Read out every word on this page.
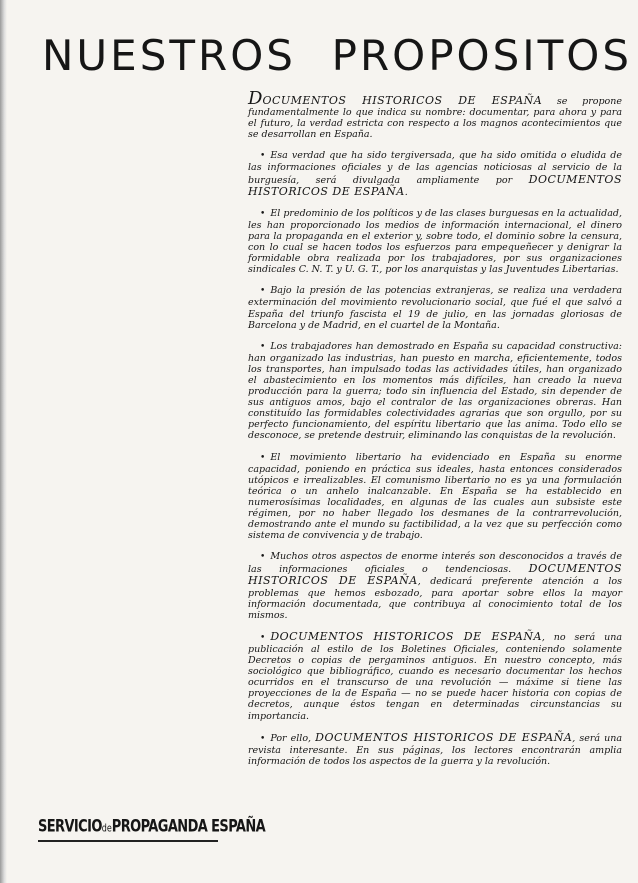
NUESTROS PROPOSITOS

DOCUMENTOS HISTORICOS DE ESPAÑA se propone fundamentalmente lo que indica su nombre: documentar, para ahora y para el futuro, la verdad estricta con respecto a los magnos acontecimientos que se desarrollan en España.

• Esa verdad que ha sido tergiversada, que ha sido omitida o eludida de las informaciones oficiales y de las agencias noticiosas al servicio de la burguesía, será divulgada ampliamente por DOCUMENTOS HISTORICOS DE ESPAÑA.

• El predominio de los políticos y de las clases burguesas en la actualidad, les han proporcionado los medios de información internacional, el dinero para la propaganda en el exterior y, sobre todo, el dominio sobre la censura, con lo cual se hacen todos los esfuerzos para empequeñecer y denigrar la formidable obra realizada por los trabajadores, por sus organizaciones sindicales C. N. T. y U. G. T., por los anarquistas y las Juventudes Libertarias.

• Bajo la presión de las potencias extranjeras, se realiza una verdadera exterminación del movimiento revolucionario social, que fué el que salvó a España del triunfo fascista el 19 de julio, en las jornadas gloriosas de Barcelona y de Madrid, en el cuartel de la Montaña.

• Los trabajadores han demostrado en España su capacidad constructiva: han organizado las industrias, han puesto en marcha, eficientemente, todos los transportes, han impulsado todas las actividades útiles, han organizado el abastecimiento en los momentos más difíciles, han creado la nueva producción para la guerra; todo sin influencia del Estado, sin depender de sus antiguos amos, bajo el contralor de las organizaciones obreras. Han constituído las formidables colectividades agrarias que son orgullo, por su perfecto funcionamiento, del espíritu libertario que las anima. Todo ello se desconoce, se pretende destruir, eliminando las conquistas de la revolución.

• El movimiento libertario ha evidenciado en España su enorme capacidad, poniendo en práctica sus ideales, hasta entonces considerados utópicos e irrealizables. El comunismo libertario no es ya una formulación teórica o un anhelo inalcanzable. En España se ha establecido en numerosísimas localidades, en algunas de las cuales aun subsiste este régimen, por no haber llegado los desmanes de la contrarrevolución, demostrando ante el mundo su factibilidad, a la vez que su perfección como sistema de convivencia y de trabajo.

• Muchos otros aspectos de enorme interés son desconocidos a través de las informaciones oficiales o tendenciosas. DOCUMENTOS HISTORICOS DE ESPAÑA, dedicará preferente atención a los problemas que hemos esbozado, para aportar sobre ellos la mayor información documentada, que contribuya al conocimiento total de los mismos.

• DOCUMENTOS HISTORICOS DE ESPAÑA, no será una publicación al estilo de los Boletines Oficiales, conteniendo solamente Decretos o copias de pergaminos antiguos. En nuestro concepto, más sociológico que bibliográfico, cuando es necesario documentar los hechos ocurridos en el transcurso de una revolución — máxime si tiene las proyecciones de la de España — no se puede hacer historia con copias de decretos, aunque éstos tengan en determinadas circunstancias su importancia.

• Por ello, DOCUMENTOS HISTORICOS DE ESPAÑA, será una revista interesante. En sus páginas, los lectores encontrarán amplia información de todos los aspectos de la guerra y la revolución.

SERVICIOdePROPAGANDA ESPAÑA
